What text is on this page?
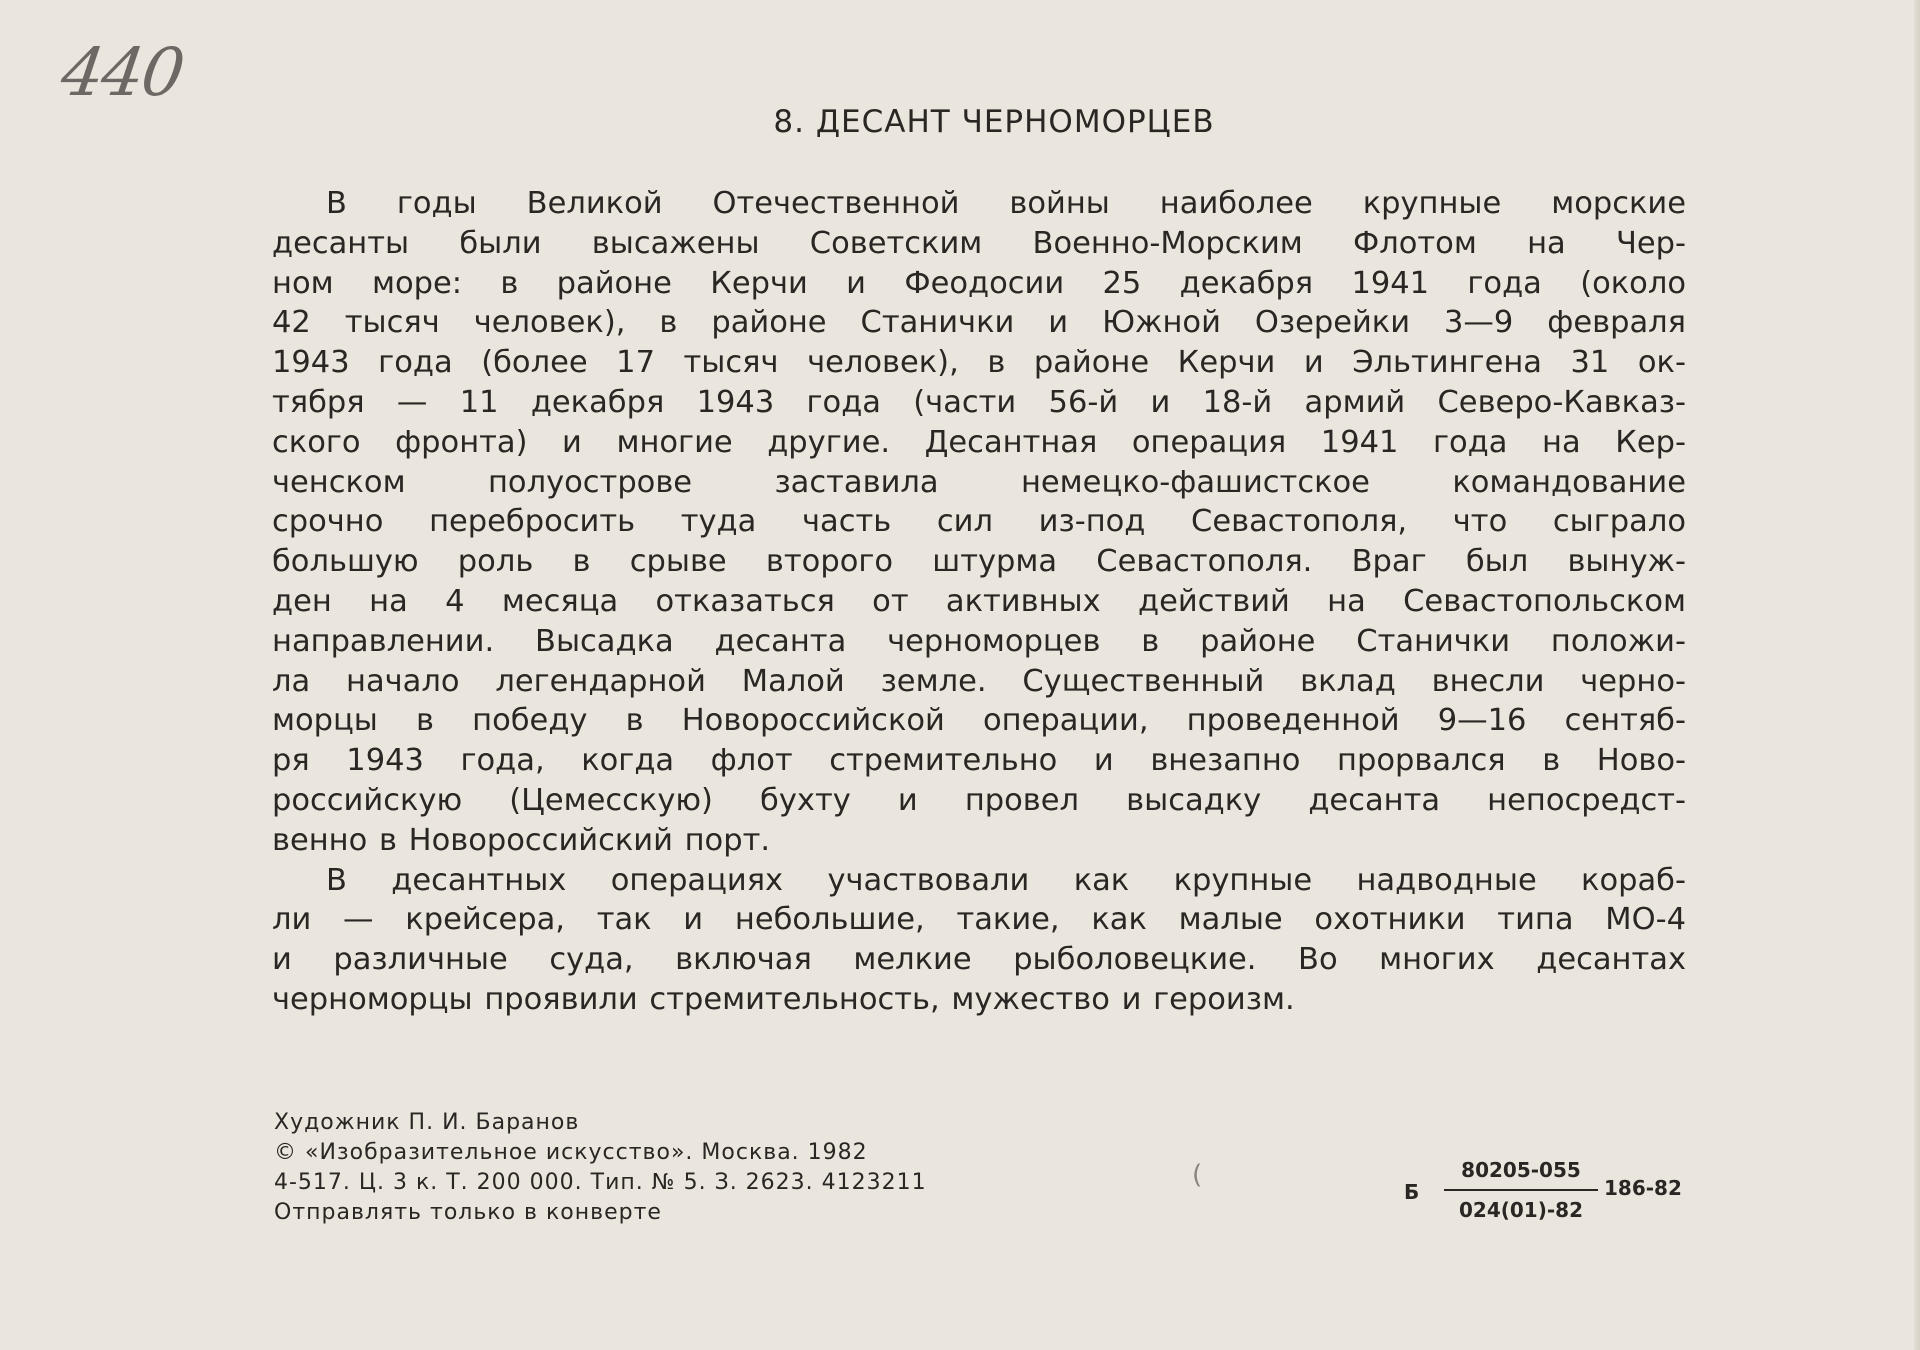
440
8. ДЕСАНТ ЧЕРНОМОРЦЕВ

В годы Великой Отечественной войны наиболее крупные морские
десанты были высажены Советским Военно-Морским Флотом на Чер-
ном море: в районе Керчи и Феодосии 25 декабря 1941 года (около
42 тысяч человек), в районе Станички и Южной Озерейки 3—9 февраля
1943 года (более 17 тысяч человек), в районе Керчи и Эльтингена 31 ок-
тября — 11 декабря 1943 года (части 56-й и 18-й армий Северо-Кавказ-
ского фронта) и многие другие. Десантная операция 1941 года на Кер-
ченском полуострове заставила немецко-фашистское командование
срочно перебросить туда часть сил из-под Севастополя, что сыграло
большую роль в срыве второго штурма Севастополя. Враг был вынуж-
ден на 4 месяца отказаться от активных действий на Севастопольском
направлении. Высадка десанта черноморцев в районе Станички положи-
ла начало легендарной Малой земле. Существенный вклад внесли черно-
морцы в победу в Новороссийской операции, проведенной 9—16 сентяб-
ря 1943 года, когда флот стремительно и внезапно прорвался в Ново-
российскую (Цемесскую) бухту и провел высадку десанта непосредст-
венно в Новороссийский порт.

В десантных операциях участвовали как крупные надводные кораб-
ли — крейсера, так и небольшие, такие, как малые охотники типа МО-4
и различные суда, включая мелкие рыболовецкие. Во многих десантах
черноморцы проявили стремительность, мужество и героизм.

(
Художник П. И. Баранов
© «Изобразительное искусство». Москва. 1982
4-517. Ц. 3 к. Т. 200 000. Тип. № 5. З. 2623. 4123211
Отправлять только в конверте
Б
80205-055
024(01)-82
186-82
